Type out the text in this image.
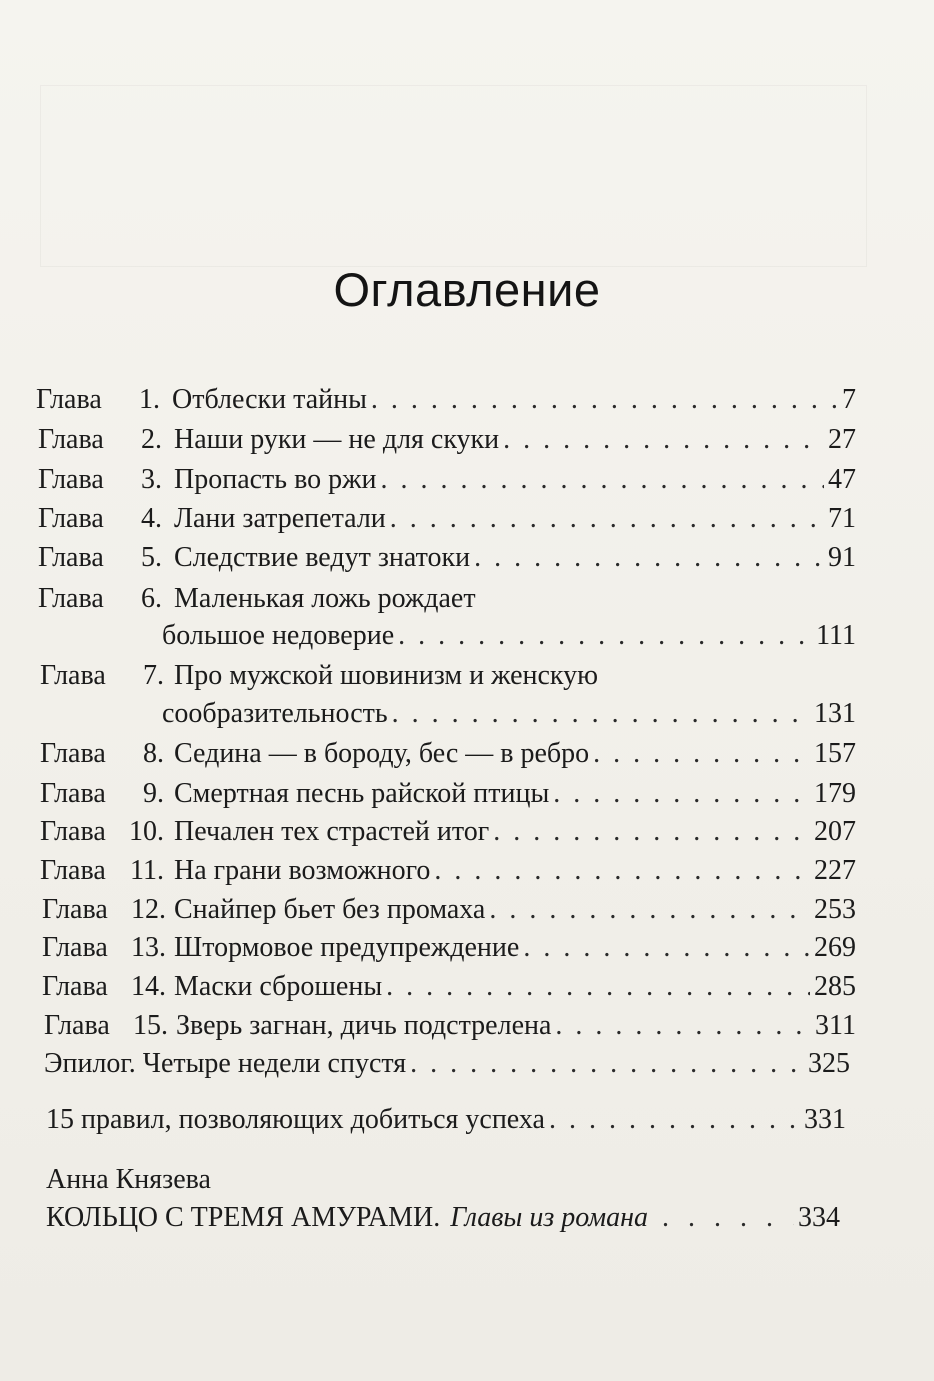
Оглавление
Глава	1. Отблески тайны . . .	7
Глава	2. Наши руки — не для скуки . . .	27
Глава	3. Пропасть во ржи . . .	47
Глава	4. Лани затрепетали . . .	71
Глава	5. Следствие ведут знатоки . . .	91
Глава	6. Маленькая ложь рождает
большое недоверие . . .	111
Глава	7. Про мужской шовинизм и женскую
сообразительность . . .	131
Глава	8. Седина — в бороду, бес — в ребро . . .	157
Глава	9. Смертная песнь райской птицы . . .	179
Глава 10. Печален тех страстей итог . . .	207
Глава 11. На грани возможного . . .	227
Глава 12. Снайпер бьет без промаха . . .	253
Глава 13. Штормовое предупреждение . . .	269
Глава 14. Маски сброшены . . .	285
Глава 15. Зверь загнан, дичь подстрелена . . .	311
Эпилог. Четыре недели спустя . . .	325
15 правил, позволяющих добиться успеха . . .	331
Анна Князева
КОЛЬЦО С ТРЕМЯ АМУРАМИ. Главы из романа . . .	334
